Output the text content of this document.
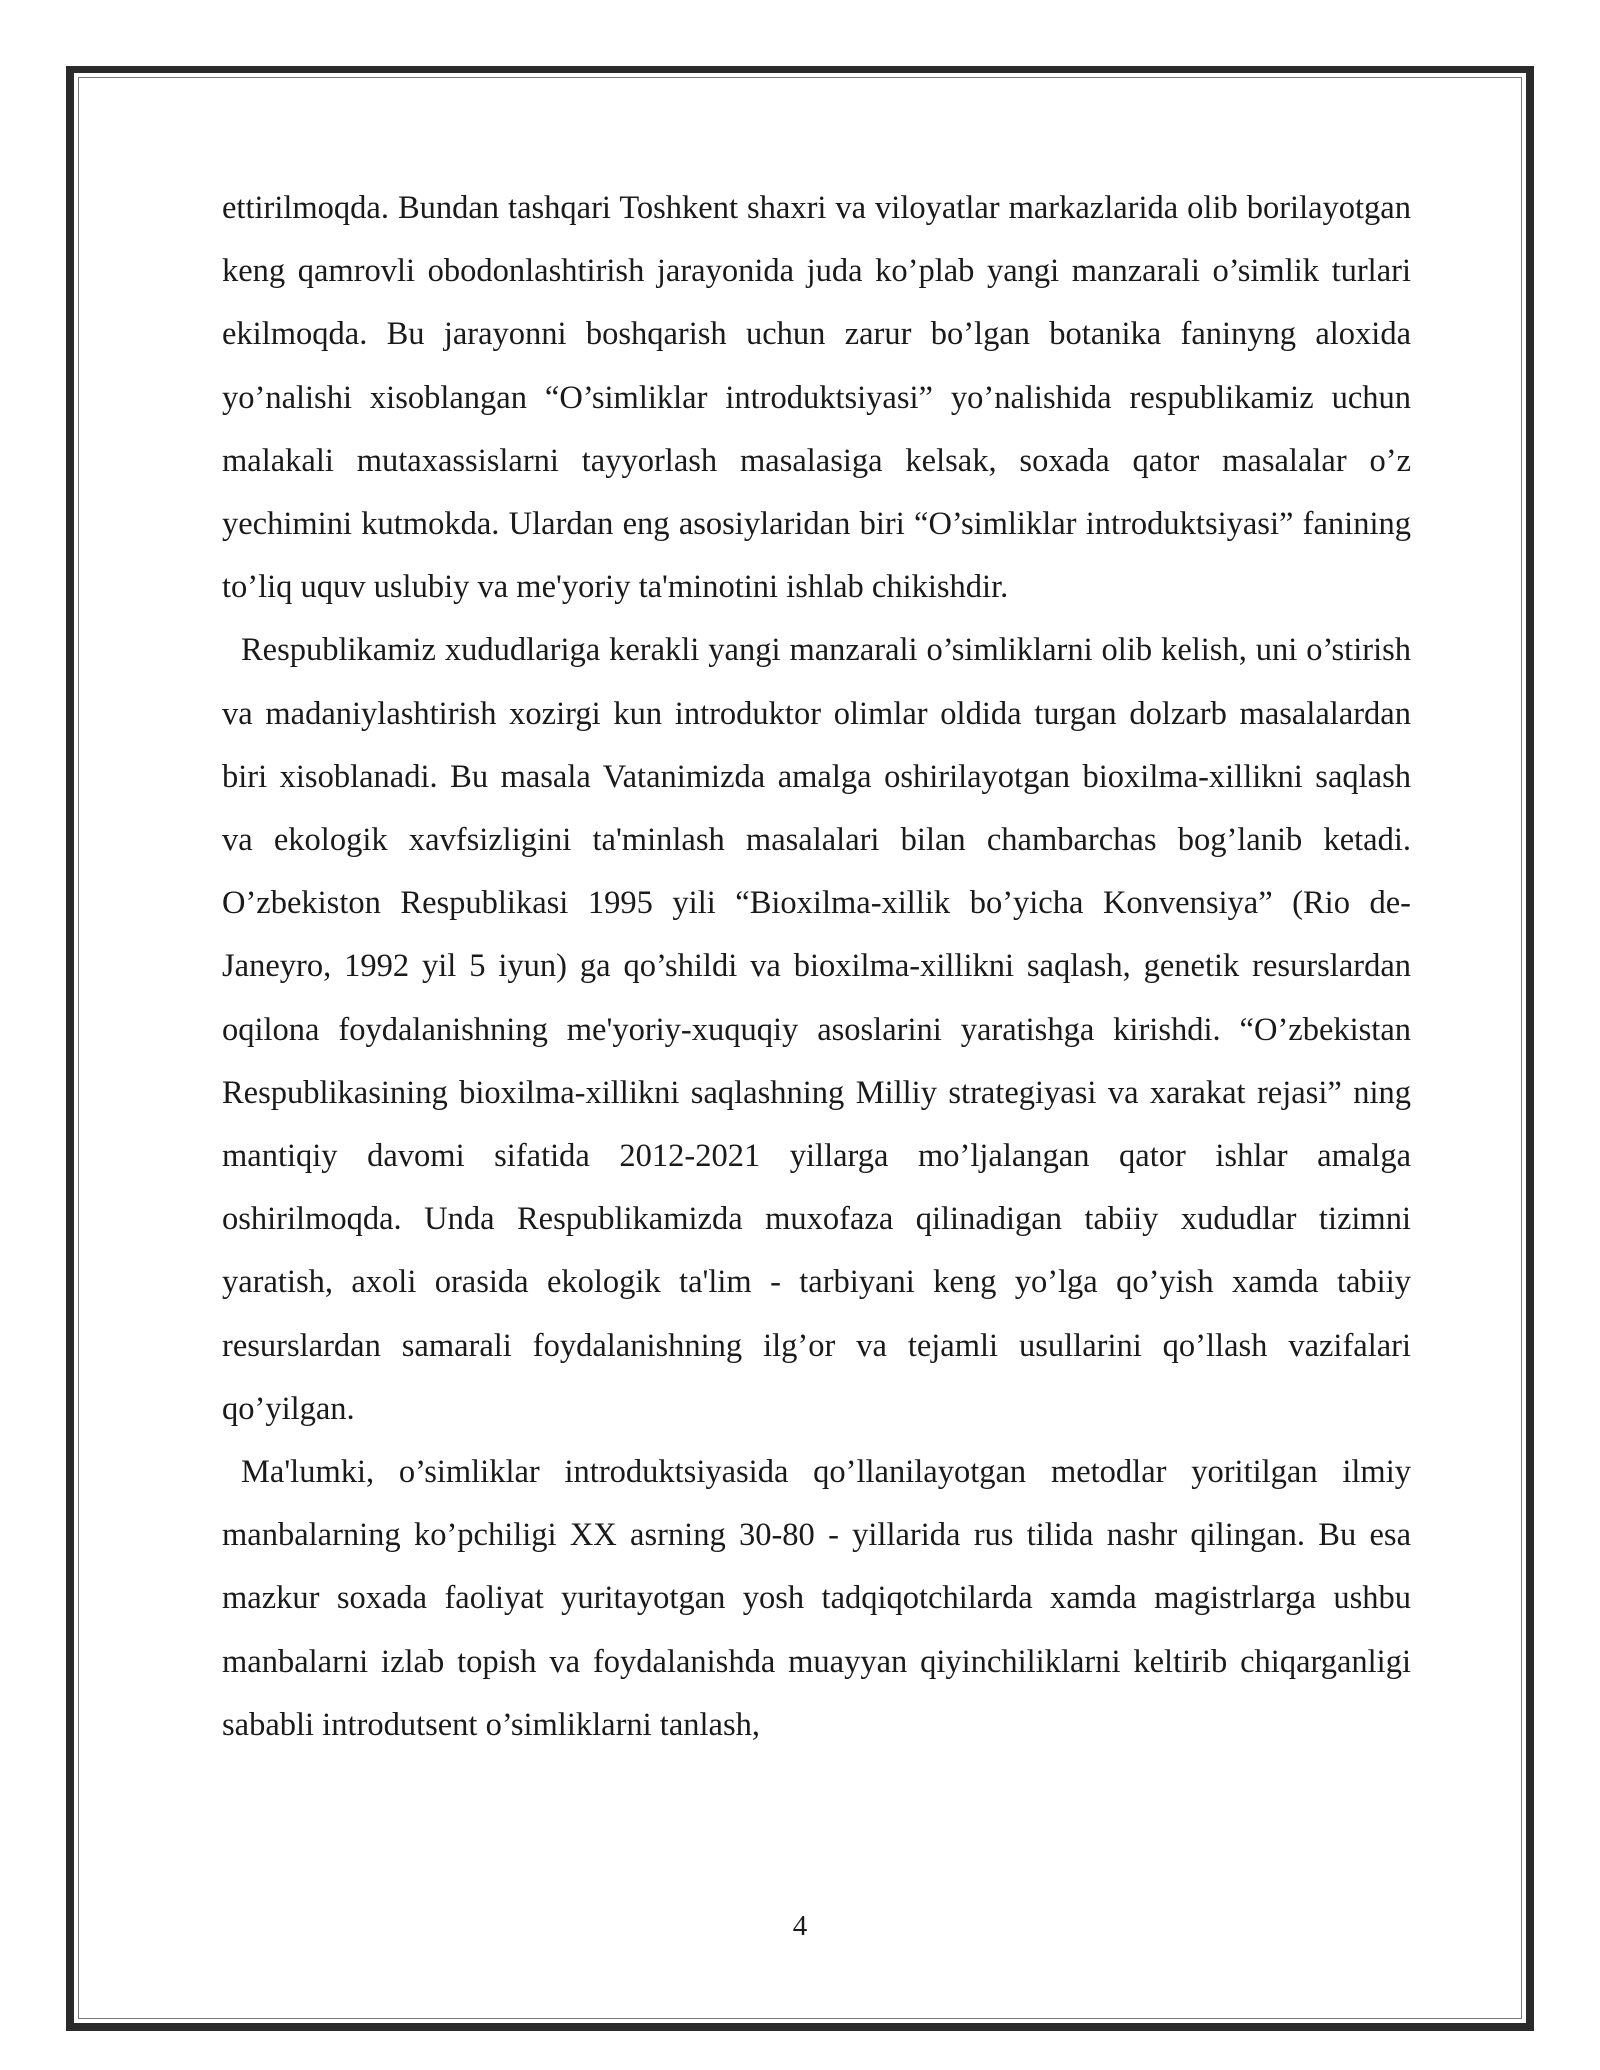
ettirilmoqda. Bundan tashqari Toshkent shaxri va viloyatlar markazlarida olib borilayotgan keng qamrovli obodonlashtirish jarayonida juda ko’plab yangi manzarali o’simlik turlari ekilmoqda. Bu jarayonni boshqarish uchun zarur bo’lgan botanika faninyng aloxida yo’nalishi xisoblangan “O’simliklar introduktsiyasi” yo’nalishida respublikamiz uchun malakali mutaxassislarni tayyorlash masalasiga kelsak, soxada qator masalalar o’z yechimini kutmokda. Ulardan eng asosiylaridan biri “O’simliklar introduktsiyasi” fanining to’liq uquv uslubiy va me'yoriy ta'minotini ishlab chikishdir.

Respublikamiz xududlariga kerakli yangi manzarali o’simliklarni olib kelish, uni o’stirish va madaniylashtirish xozirgi kun introduktor olimlar oldida turgan dolzarb masalalardan biri xisoblanadi. Bu masala Vatanimizda amalga oshirilayotgan bioxilma-xillikni saqlash va ekologik xavfsizligini ta'minlash masalalari bilan chambarchas bog’lanib ketadi. O’zbekiston Respublikasi 1995 yili “Bioxilma-xillik bo’yicha Konvensiya” (Rio de-Janeyro, 1992 yil 5 iyun) ga qo’shildi va bioxilma-xillikni saqlash, genetik resurslardan oqilona foydalanishning me'yoriy-xuquqiy asoslarini yaratishga kirishdi. “O’zbekistan Respublikasining bioxilma-xillikni saqlashning Milliy strategiyasi va xarakat rejasi” ning mantiqiy davomi sifatida 2012-2021 yillarga mo’ljalangan qator ishlar amalga oshirilmoqda. Unda Respublikamizda muxofaza qilinadigan tabiiy xududlar tizimni yaratish, axoli orasida ekologik ta'lim - tarbiyani keng yo’lga qo’yish xamda tabiiy resurslardan samarali foydalanishning ilg’or va tejamli usullarini qo’llash vazifalari qo’yilgan.

Ma'lumki, o’simliklar introduktsiyasida qo’llanilayotgan metodlar yoritilgan ilmiy manbalarning ko’pchiligi XX asrning 30-80 - yillarida rus tilida nashr qilingan. Bu esa mazkur soxada faoliyat yuritayotgan yosh tadqiqotchilarda xamda magistrlarga ushbu manbalarni izlab topish va foydalanishda muayyan qiyinchiliklarni keltirib chiqarganligi sababli introdutsent o’simliklarni tanlash,

4
